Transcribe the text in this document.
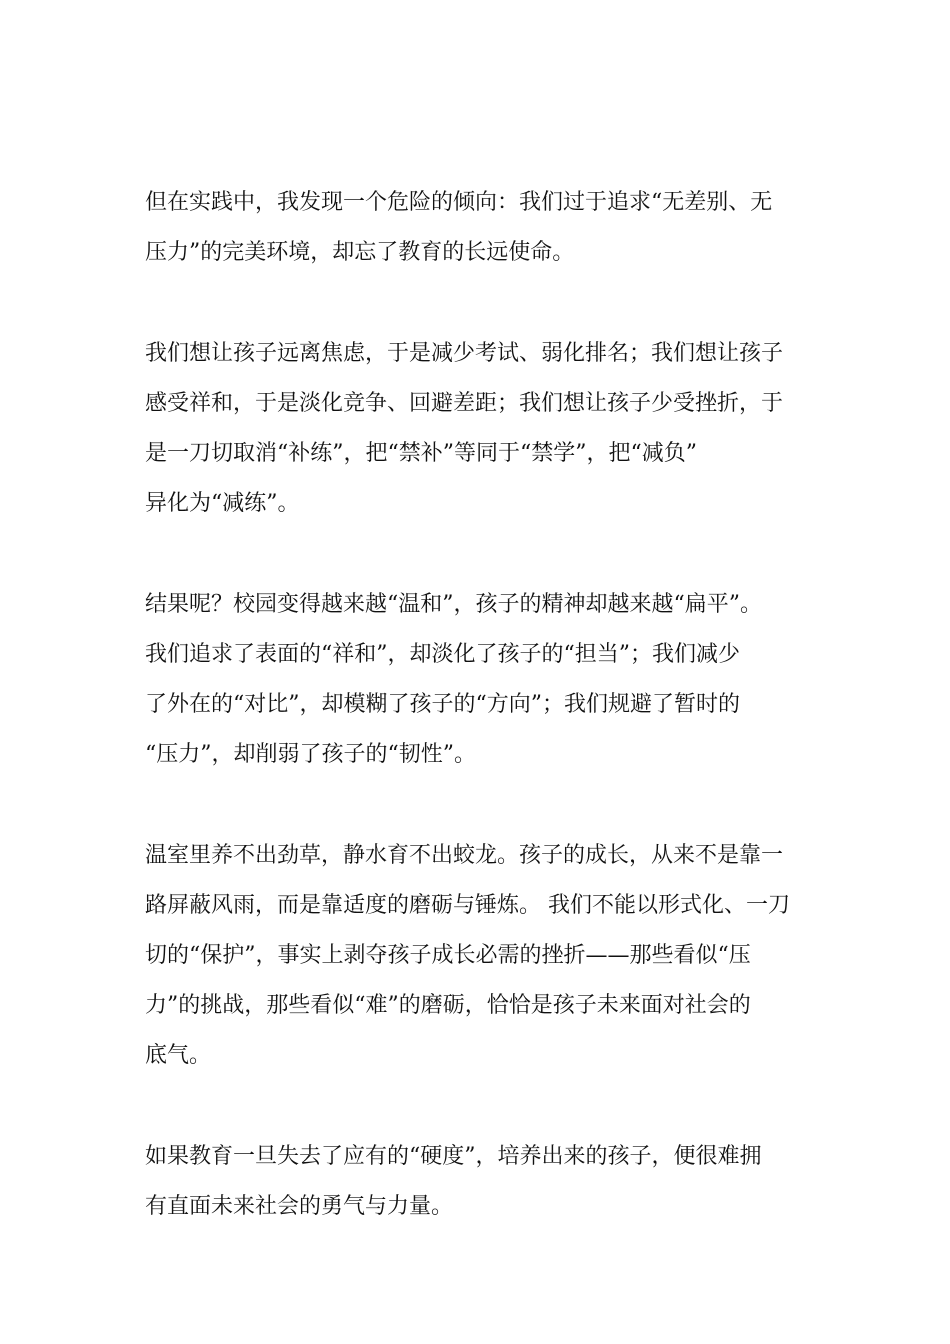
但在实践中，我发现一个危险的倾向：我们过于追求“无差别、无
压力”的完美环境，却忘了教育的长远使命。

我们想让孩子远离焦虑，于是减少考试、弱化排名；我们想让孩子
感受祥和，于是淡化竞争、回避差距；我们想让孩子少受挫折，于
是一刀切取消“补练”，把“禁补”等同于“禁学”，把“减负”
异化为“减练”。

结果呢？校园变得越来越“温和”，孩子的精神却越来越“扁平”。
我们追求了表面的“祥和”，却淡化了孩子的“担当”；我们减少
了外在的“对比”，却模糊了孩子的“方向”；我们规避了暂时的
“压力”，却削弱了孩子的“韧性”。

温室里养不出劲草，静水育不出蛟龙。孩子的成长，从来不是靠一
路屏蔽风雨，而是靠适度的磨砺与锤炼。 我们不能以形式化、一刀
切的“保护”，事实上剥夺孩子成长必需的挫折——那些看似“压
力”的挑战，那些看似“难”的磨砺，恰恰是孩子未来面对社会的
底气。

如果教育一旦失去了应有的“硬度”，培养出来的孩子，便很难拥
有直面未来社会的勇气与力量。
